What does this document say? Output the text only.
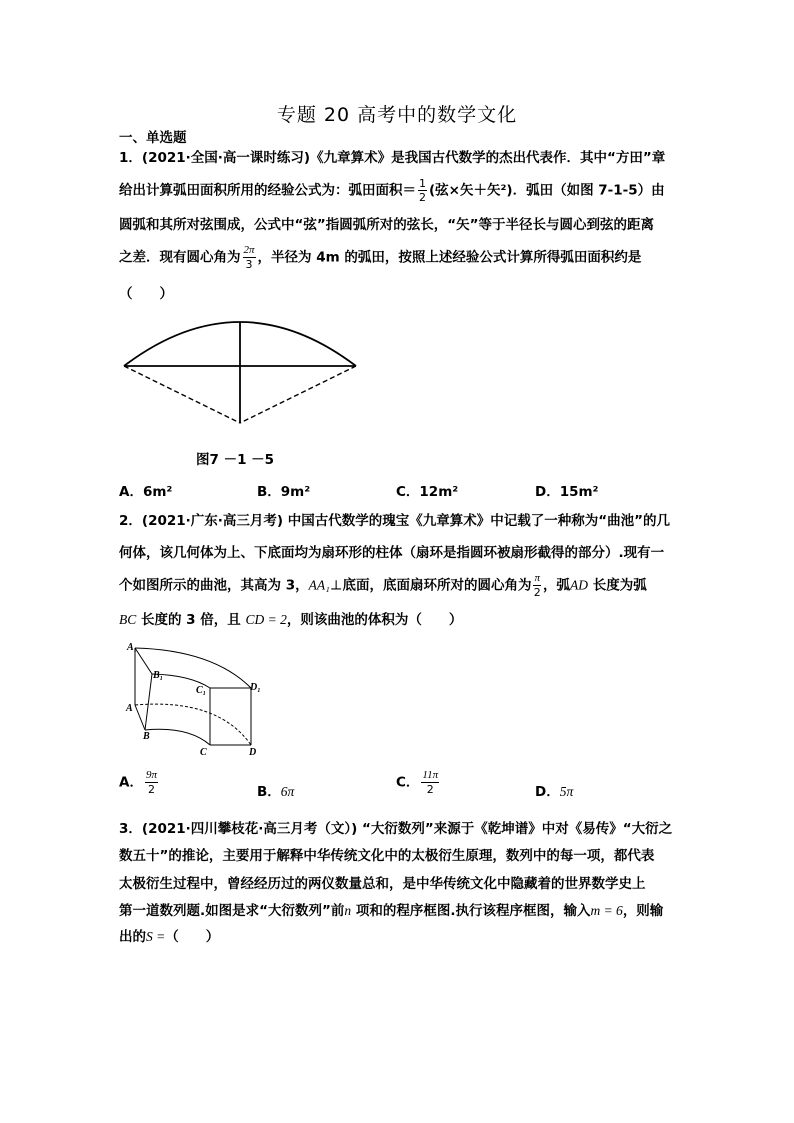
专题 20 高考中的数学文化
一、单选题
1．(2021·全国·高一课时练习)《九章算术》是我国古代数学的杰出代表作．其中“方田”章
给出计算弧田面积所用的经验公式为：弧田面积＝ $\frac{1}{2}$ (弦×矢＋矢²)．弧田（如图 7-1-5）由
圆弧和其所对弦围成，公式中“弦”指圆弧所对的弦长，“矢”等于半径长与圆心到弦的距离
之差．现有圆心角为 $\frac{2\pi}{3}$ ，半径为 4m 的弧田，按照上述经验公式计算所得弧田面积约是
（　　）
图7 －1 －5
A．6m²	B．9m²	C．12m²	D．15m²
2．(2021·广东·高三月考) 中国古代数学的瑰宝《九章算术》中记载了一种称为“曲池”的几
何体，该几何体为上、下底面均为扇环形的柱体（扇环是指圆环被扇形截得的部分）.现有一
个如图所示的曲池，其高为 3，AA₁⊥底面，底面扇环所对的圆心角为 $\frac{\pi}{2}$ ，弧AD 长度为弧
BC 长度的 3 倍，且 CD = 2，则该曲池的体积为（　　）
A₁
B₁
C₁	D₁
A
B
C	D
A． $\frac{9\pi}{2}$	B．6π
C． $\frac{11\pi}{2}$	D．5π
3．(2021·四川攀枝花·高三月考（文）) “大衍数列”来源于《乾坤谱》中对《易传》“大衍之
数五十”的推论，主要用于解释中华传统文化中的太极衍生原理，数列中的每一项，都代表
太极衍生过程中，曾经经历过的两仪数量总和，是中华传统文化中隐藏着的世界数学史上
第一道数列题.如图是求“大衍数列”前n 项和的程序框图.执行该程序框图，输入m = 6，则输
出的S =（　　）
